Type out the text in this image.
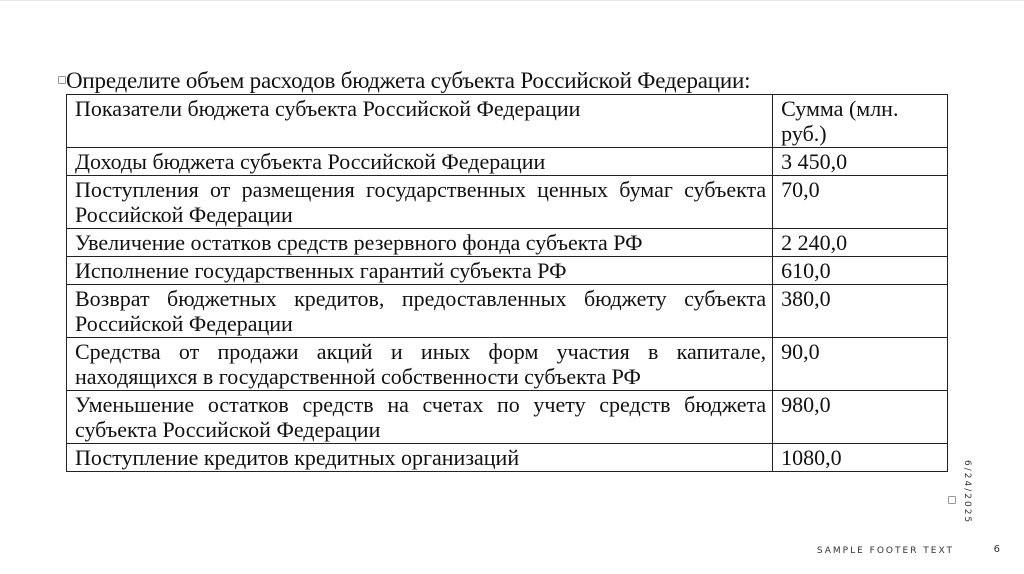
Определите объем расходов бюджета субъекта Российской Федерации:
Показатели бюджета субъекта Российской Федерации	Сумма (млн. руб.)
Доходы бюджета субъекта Российской Федерации	3 450,0
Поступления от размещения государственных ценных бумаг субъекта Российской Федерации	70,0
Увеличение остатков средств резервного фонда субъекта РФ	2 240,0
Исполнение государственных гарантий субъекта РФ	610,0
Возврат бюджетных кредитов, предоставленных бюджету субъекта Российской Федерации	380,0
Средства от продажи акций и иных форм участия в капитале, находящихся в государственной собственности субъекта РФ	90,0
Уменьшение остатков средств на счетах по учету средств бюджета субъекта Российской Федерации	980,0
Поступление кредитов кредитных организаций	1080,0
6/24/2025
SAMPLE FOOTER TEXT	6
